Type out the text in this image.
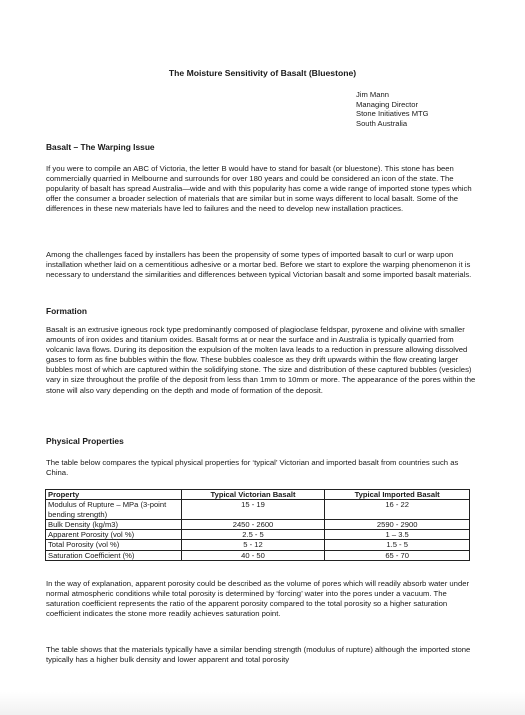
The Moisture Sensitivity of Basalt (Bluestone)
Jim Mann
Managing Director
Stone Initiatives MTG
South Australia
Basalt – The Warping Issue
If you were to compile an ABC of Victoria, the letter B would have to stand for basalt (or bluestone). This stone has been commercially quarried in Melbourne and surrounds for over 180 years and could be considered an icon of the state. The popularity of basalt has spread Australia—wide and with this popularity has come a wide range of imported stone types which offer the consumer a broader selection of materials that are similar but in some ways different to local basalt. Some of the differences in these new materials have led to failures and the need to develop new installation practices.
Among the challenges faced by installers has been the propensity of some types of imported basalt to curl or warp upon installation whether laid on a cementitious adhesive or a mortar bed. Before we start to explore the warping phenomenon it is necessary to understand the similarities and differences between typical Victorian basalt and some imported basalt materials.
Formation
Basalt is an extrusive igneous rock type predominantly composed of plagioclase feldspar, pyroxene and olivine with smaller amounts of iron oxides and titanium oxides. Basalt forms at or near the surface and in Australia is typically quarried from volcanic lava flows. During its deposition the expulsion of the molten lava leads to a reduction in pressure allowing dissolved gases to form as fine bubbles within the flow. These bubbles coalesce as they drift upwards within the flow creating larger bubbles most of which are captured within the solidifying stone. The size and distribution of these captured bubbles (vesicles) vary in size throughout the profile of the deposit from less than 1mm to 10mm or more. The appearance of the pores within the stone will also vary depending on the depth and mode of formation of the deposit.
Physical Properties
The table below compares the typical physical properties for ‘typical’ Victorian and imported basalt from countries such as China.
Property	Typical Victorian Basalt	Typical Imported Basalt
Modulus of Rupture – MPa (3-point bending strength)	15 - 19	16 - 22
Bulk Density (kg/m3)	2450 - 2600	2590 - 2900
Apparent Porosity (vol %)	2.5 - 5	1 – 3.5
Total Porosity (vol %)	5 - 12	1.5 - 5
Saturation Coefficient (%)	40 - 50	65 - 70
In the way of explanation, apparent porosity could be described as the volume of pores which will readily absorb water under normal atmospheric conditions while total porosity is determined by ‘forcing’ water into the pores under a vacuum. The saturation coefficient represents the ratio of the apparent porosity compared to the total porosity so a higher saturation coefficient indicates the stone more readily achieves saturation point.
The table shows that the materials typically have a similar bending strength (modulus of rupture) although the imported stone typically has a higher bulk density and lower apparent and total porosity
